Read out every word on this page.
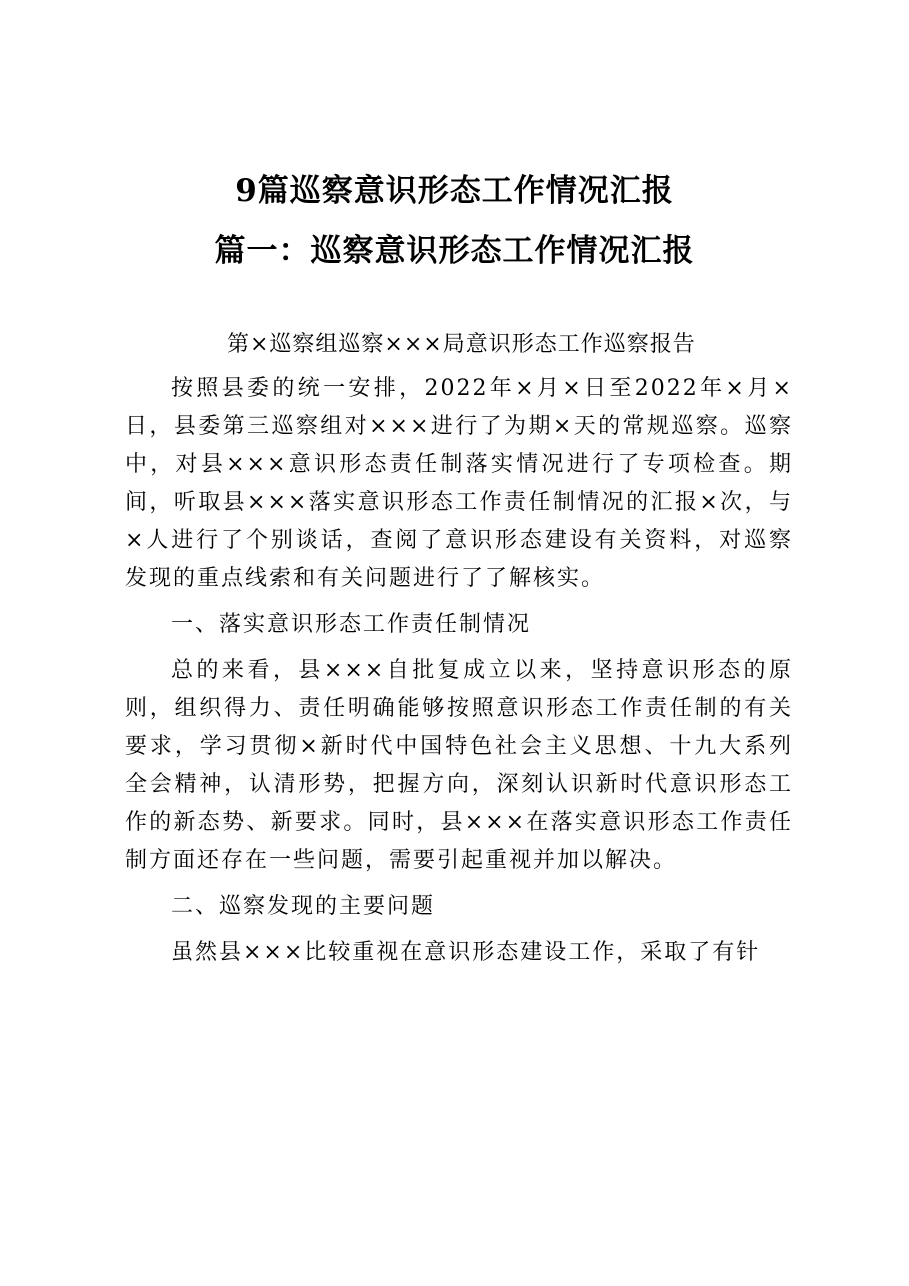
9篇巡察意识形态工作情况汇报
篇一：巡察意识形态工作情况汇报

第×巡察组巡察×××局意识形态工作巡察报告

按照县委的统一安排，2022年×月×日至2022年×月×日，县委第三巡察组对×××进行了为期×天的常规巡察。巡察中，对县×××意识形态责任制落实情况进行了专项检查。期间，听取县×××落实意识形态工作责任制情况的汇报×次，与×人进行了个别谈话，查阅了意识形态建设有关资料，对巡察发现的重点线索和有关问题进行了了解核实。

一、落实意识形态工作责任制情况

总的来看，县×××自批复成立以来，坚持意识形态的原则，组织得力、责任明确能够按照意识形态工作责任制的有关要求，学习贯彻×新时代中国特色社会主义思想、十九大系列全会精神，认清形势，把握方向，深刻认识新时代意识形态工作的新态势、新要求。同时，县×××在落实意识形态工作责任制方面还存在一些问题，需要引起重视并加以解决。

二、巡察发现的主要问题

虽然县×××比较重视在意识形态建设工作，采取了有针
